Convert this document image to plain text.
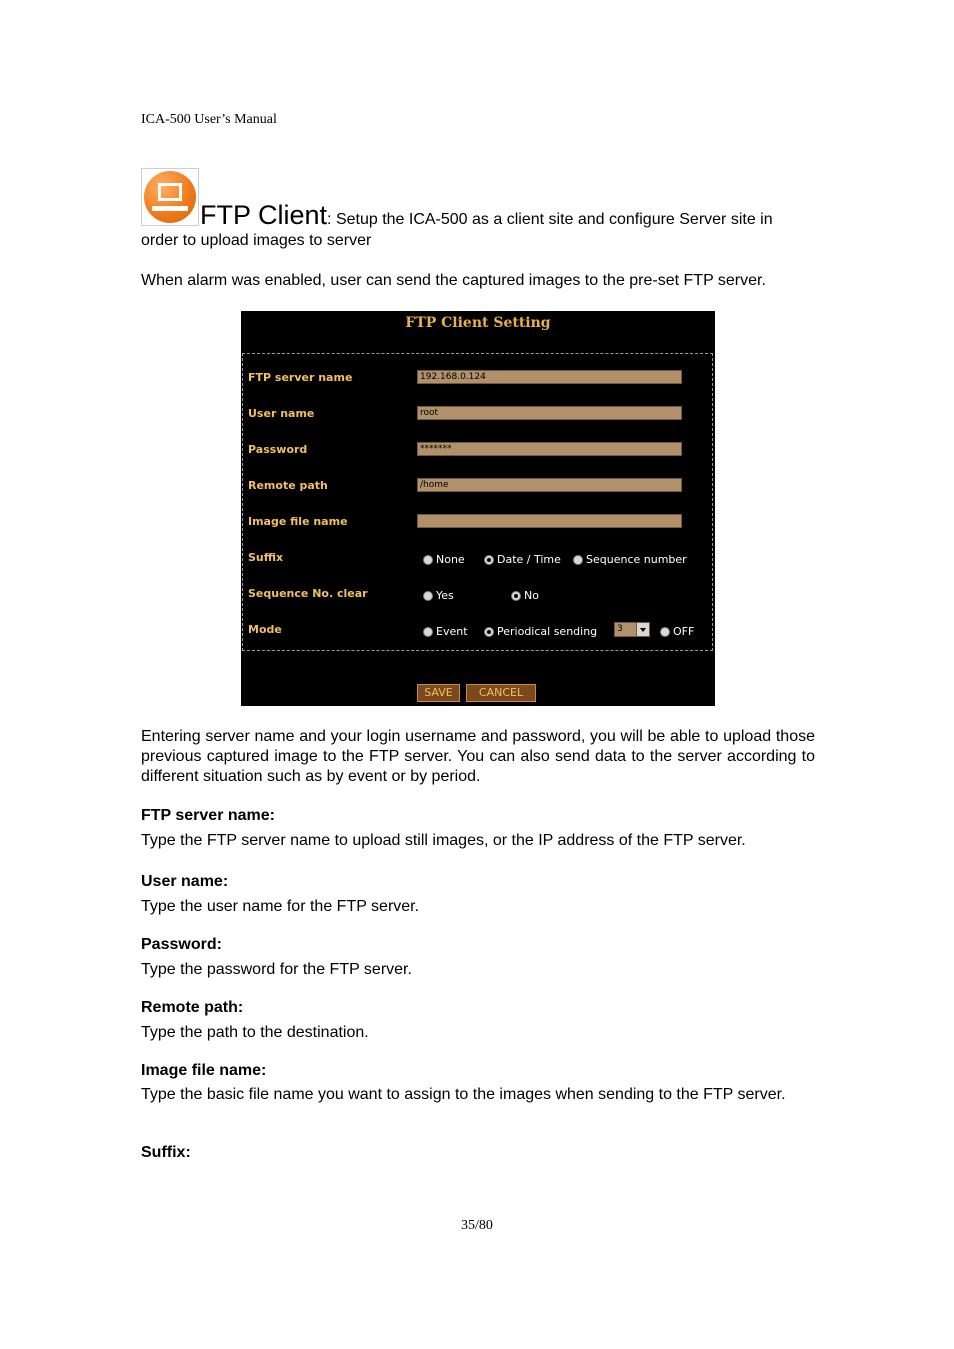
ICA-500 User’s Manual
FTP Client: Setup the ICA-500 as a client site and configure Server site in
order to upload images to server
When alarm was enabled, user can send the captured images to the pre-set FTP server.
FTP Client Setting
FTP server name	192.168.0.124
User name	root
Password	*******
Remote path	/home
Image file name
Suffix	None	Date / Time Sequence number
Sequence No. clear	Yes	No
Mode	Event	Periodical sending	3	OFF
SAVE	CANCEL
Entering server name and your login username and password, you will be able to upload those previous captured image to the FTP server. You can also send data to the server according to different situation such as by event or by period.
FTP server name:
Type the FTP server name to upload still images, or the IP address of the FTP server.
User name:
Type the user name for the FTP server.
Password:
Type the password for the FTP server.
Remote path:
Type the path to the destination.
Image file name:
Type the basic file name you want to assign to the images when sending to the FTP server.
Suffix:
35/80
